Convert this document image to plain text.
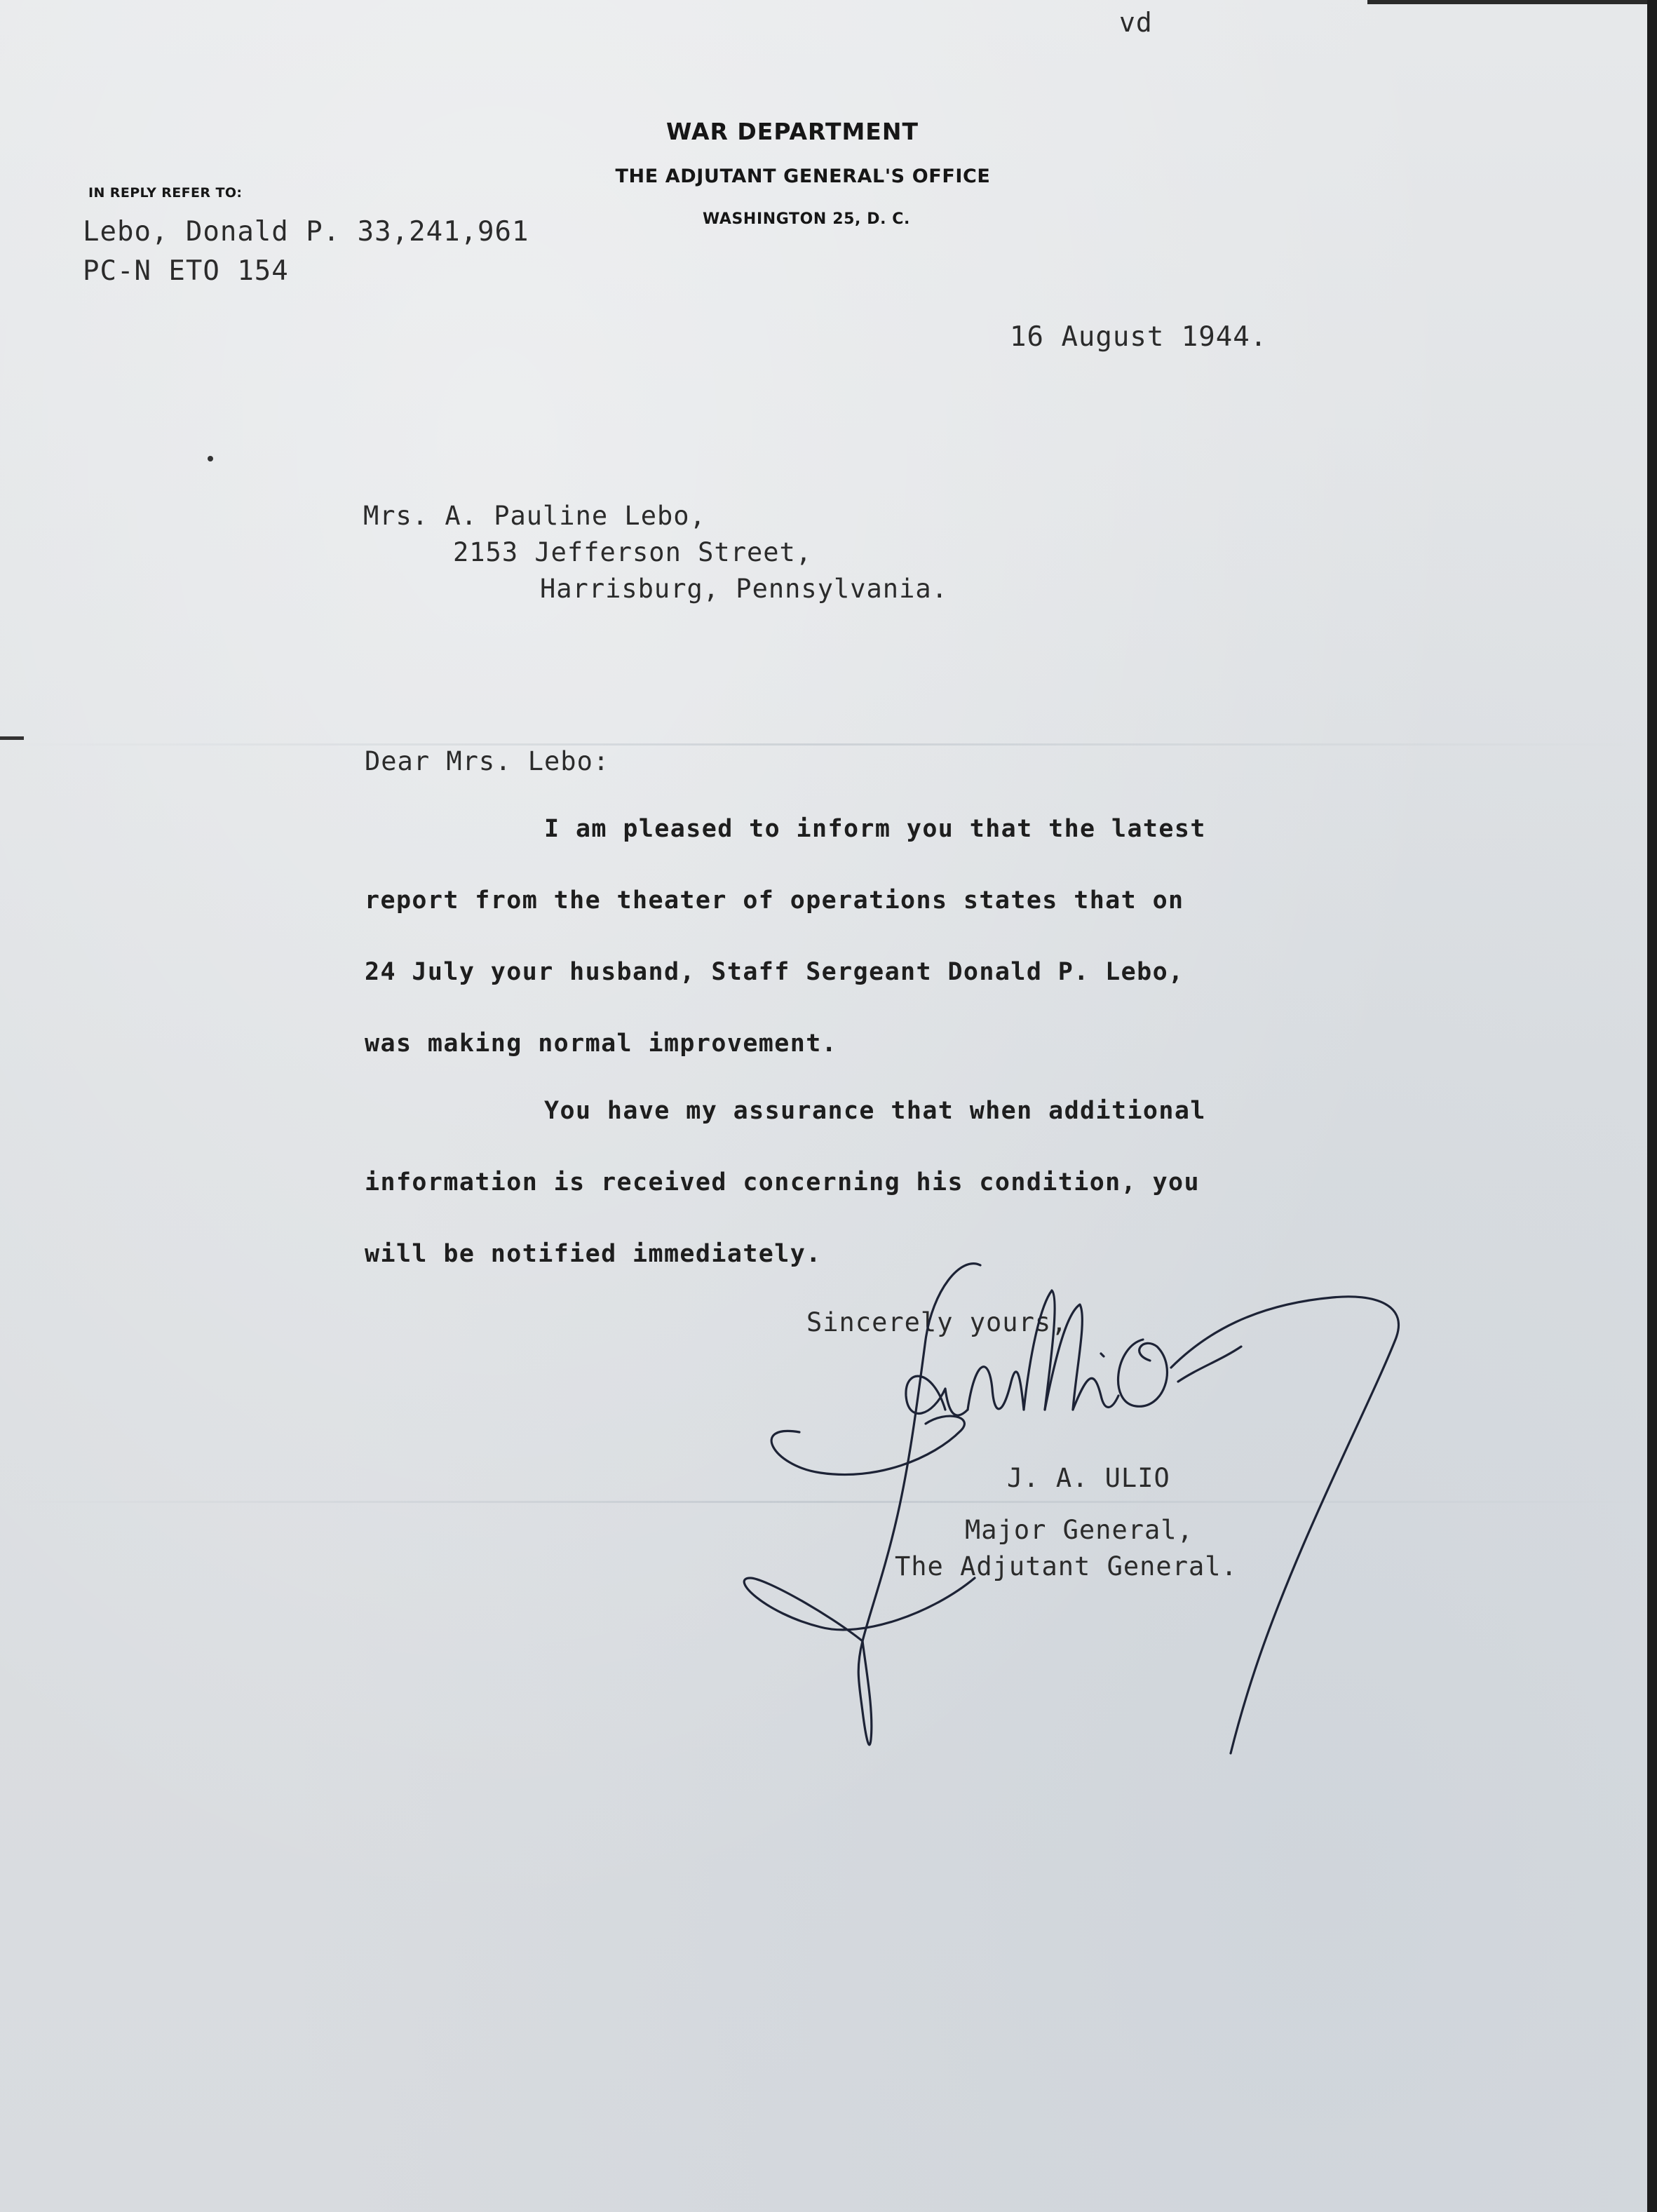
vd
WAR DEPARTMENT
THE ADJUTANT GENERAL'S OFFICE
WASHINGTON 25, D. C.
IN REPLY REFER TO:
Lebo, Donald P. 33,241,961
PC-N ETO 154
16 August 1944.
Mrs. A. Pauline Lebo,
2153 Jefferson Street,
Harrisburg, Pennsylvania.
Dear Mrs. Lebo:
I am pleased to inform you that the latest
report from the theater of operations states that on
24 July your husband, Staff Sergeant Donald P. Lebo,
was making normal improvement.
You have my assurance that when additional
information is received concerning his condition, you
will be notified immediately.
Sincerely yours,
J. A. ULIO
Major General,
The Adjutant General.
